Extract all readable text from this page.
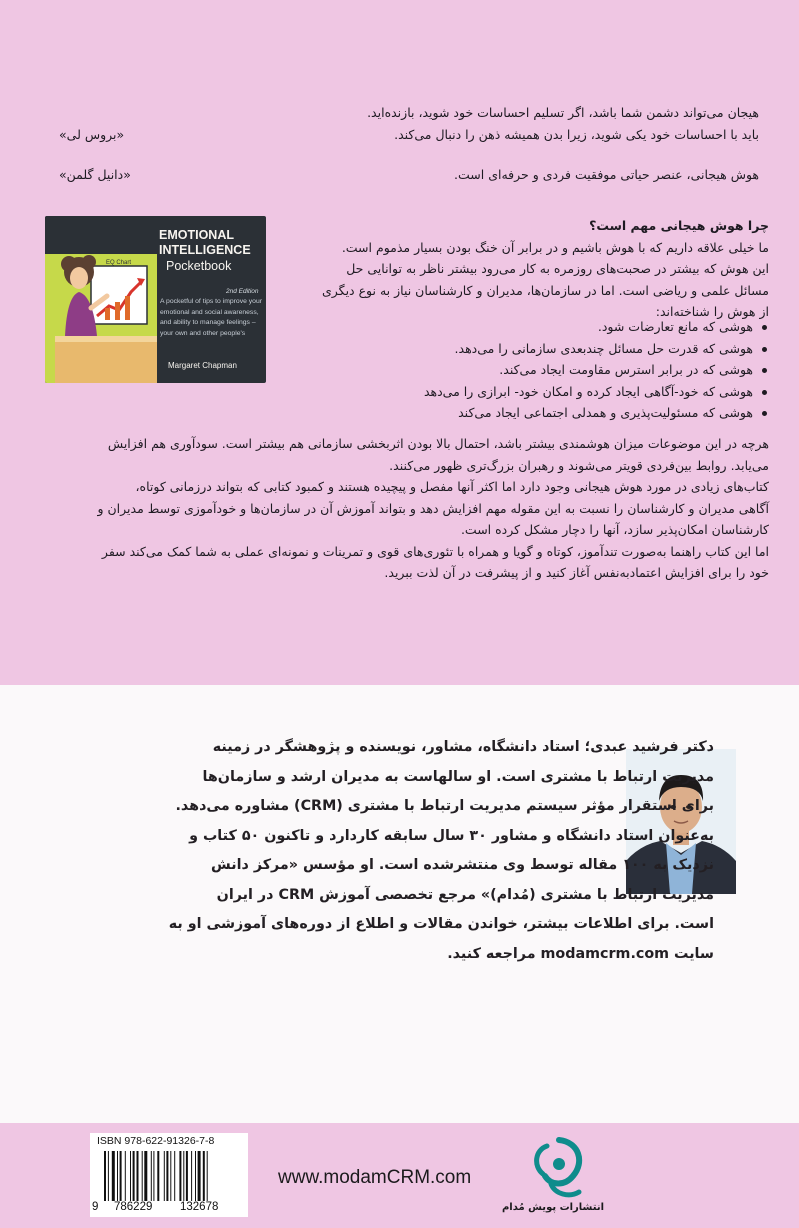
هیجان می‌تواند دشمن شما باشد، اگر تسلیم احساسات خود شوید، بازنده‌اید.
باید با احساسات خود یکی شوید، زیرا بدن همیشه ذهن را دنبال می‌کند.
«بروس لی»
هوش هیجانی، عنصر حیاتی موفقیت فردی و حرفه‌ای است.
«دانیل گلمن»
EMOTIONAL INTELLIGENCE
Pocketbook
2nd Edition
A pocketful of tips to improve your emotional and social awareness, and ability to manage feelings – your own and other people's
Margaret Chapman
EQ Chart
چرا هوش هیجانی مهم است؟
ما خیلی علاقه داریم که با هوش باشیم و در برابر آن خنگ بودن بسیار مذموم است.
این هوش که بیشتر در صحبت‌های روزمره به کار می‌رود بیشتر ناظر به توانایی حل
مسائل علمی و ریاضی است. اما در سازمان‌ها، مدیران و کارشناسان نیاز به نوع دیگری
از هوش را شناخته‌اند:
هوشی که مانع تعارضات شود.
هوشی که قدرت حل مسائل چندبعدی سازمانی را می‌دهد.
هوشی که در برابر استرس مقاومت ایجاد می‌کند.
هوشی که خود-آگاهی ایجاد کرده و امکان خود- ابرازی را می‌دهد
هوشی که مسئولیت‌پذیری و همدلی اجتماعی ایجاد می‌کند
هرچه در این موضوعات میزان هوشمندی بیشتر باشد، احتمال بالا بودن اثربخشی سازمانی هم بیشتر است. سودآوری هم افزایش
می‌یابد. روابط بین‌فردی قویتر می‌شوند و رهبران بزرگ‌تری ظهور می‌کنند.
کتاب‌های زیادی در مورد هوش هیجانی وجود دارد اما اکثر آنها مفصل و پیچیده هستند و کمبود کتابی که بتواند درزمانی کوتاه،
آگاهی مدیران و کارشناسان را نسبت به این مقوله مهم افزایش دهد و بتواند آموزش آن در سازمان‌ها و خودآموزی توسط مدیران و
کارشناسان امکان‌پذیر سازد، آنها را دچار مشکل کرده است.
اما این کتاب راهنما به‌صورت تندآموز، کوتاه و گویا و همراه با تئوری‌های قوی و تمرینات و نمونه‌ای عملی به شما کمک می‌کند سفر
خود را برای افزایش اعتماد‌به‌نفس آغاز کنید و از پیشرفت در آن لذت ببرید.
دکتر فرشید عبدی؛ استاد دانشگاه، مشاور، نویسنده و پژوهشگر در زمینه
مدیریت ارتباط با مشتری است. او سالهاست به مدیران ارشد و سازمان‌ها
برای استقرار مؤثر سیستم مدیریت ارتباط با مشتری (CRM) مشاوره می‌دهد.
به‌عنوان استاد دانشگاه و مشاور ۳۰ سال سابقه کاردارد و تاکنون ۵۰ کتاب و
نزدیک به ۱۰۰ مقاله توسط وی منتشرشده است. او مؤسس «مرکز دانش
مدیریت ارتباط با مشتری (مُدام)» مرجع تخصصی آموزش CRM در ایران
است. برای اطلاعات بیشتر، خواندن مقالات و اطلاع از دوره‌های آموزشی او به
سایت modamcrm.com مراجعه کنید.
ISBN 978-622-91326-7-8
9 786229 132678
www.modamCRM.com
انتشارات پویش مُدام
